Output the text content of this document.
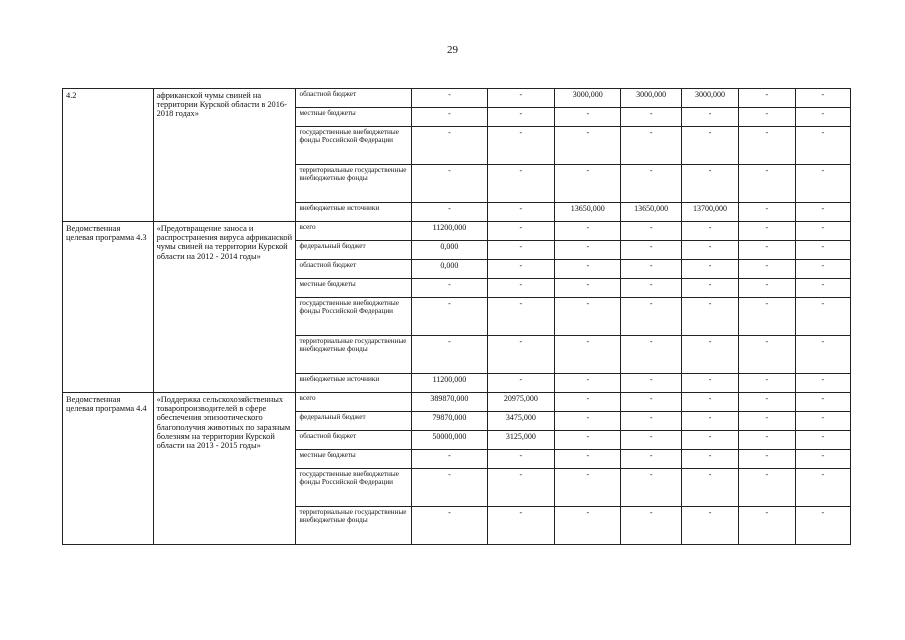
29
4.2	африканской чумы свиней на территории Курской области в 2016-2018 годах»	областной бюджет	-	-	3000,000	3000,000	3000,000	-	-
		местные бюджеты	-	-	-	-	-	-	-
		государственные внебюджетные фонды Российской Федерации	-	-	-	-	-	-	-
		территориальные государственные внебюджетные фонды	-	-	-	-	-	-	-
		внебюджетные источники	-	-	13650,000	13650,000	13700,000	-	-
Ведомственная целевая программа 4.3	«Предотвращение заноса и распространения вируса африканской чумы свиней на территории Курской области на 2012 - 2014 годы»	всего	11200,000	-	-	-	-	-	-
		федеральный бюджет	0,000	-	-	-	-	-	-
		областной бюджет	0,000	-	-	-	-	-	-
		местные бюджеты	-	-	-	-	-	-	-
		государственные внебюджетные фонды Российской Федерации	-	-	-	-	-	-	-
		территориальные государственные внебюджетные фонды	-	-	-	-	-	-	-
		внебюджетные источники	11200,000	-	-	-	-	-	-
Ведомственная целевая программа 4.4	«Поддержка сельскохозяйственных товаропроизводителей в сфере обеспечения эпизоотического благополучия животных по заразным болезням на территории Курской области на 2013 - 2015 годы»	всего	389870,000	20975,000	-	-	-	-	-
		федеральный бюджет	79870,000	3475,000	-	-	-	-	-
		областной бюджет	50000,000	3125,000	-	-	-	-	-
		местные бюджеты	-	-	-	-	-	-	-
		государственные внебюджетные фонды Российской Федерации	-	-	-	-	-	-	-
		территориальные государственные внебюджетные фонды	-	-	-	-	-	-	-
